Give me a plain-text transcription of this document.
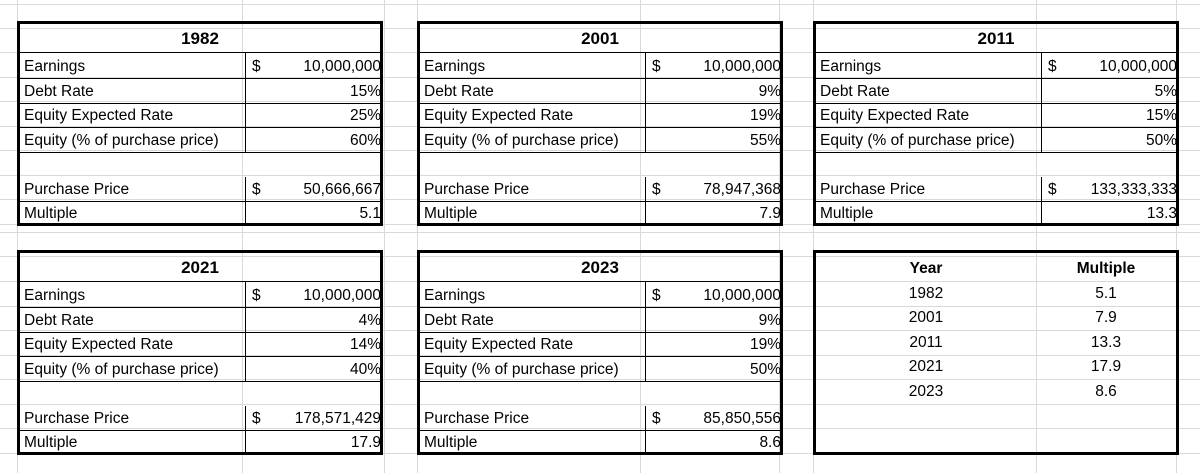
1982
Earnings	$	10,000,000
Debt Rate	15%
Equity Expected Rate	25%
Equity (% of purchase price)	60%
Purchase Price	$	50,666,667
Multiple	5.1
2001
Earnings	$	10,000,000
Debt Rate	9%
Equity Expected Rate	19%
Equity (% of purchase price)	55%
Purchase Price	$	78,947,368
Multiple	7.9
2011
Earnings	$	10,000,000
Debt Rate	5%
Equity Expected Rate	15%
Equity (% of purchase price)	50%
Purchase Price	$	133,333,333
Multiple	13.3
2021
Earnings	$	10,000,000
Debt Rate	4%
Equity Expected Rate	14%
Equity (% of purchase price)	40%
Purchase Price	$	178,571,429
Multiple	17.9
2023
Earnings	$	10,000,000
Debt Rate	9%
Equity Expected Rate	19%
Equity (% of purchase price)	50%
Purchase Price	$	85,850,556
Multiple	8.6
Year	Multiple
1982	5.1
2001	7.9
2011	13.3
2021	17.9
2023	8.6
